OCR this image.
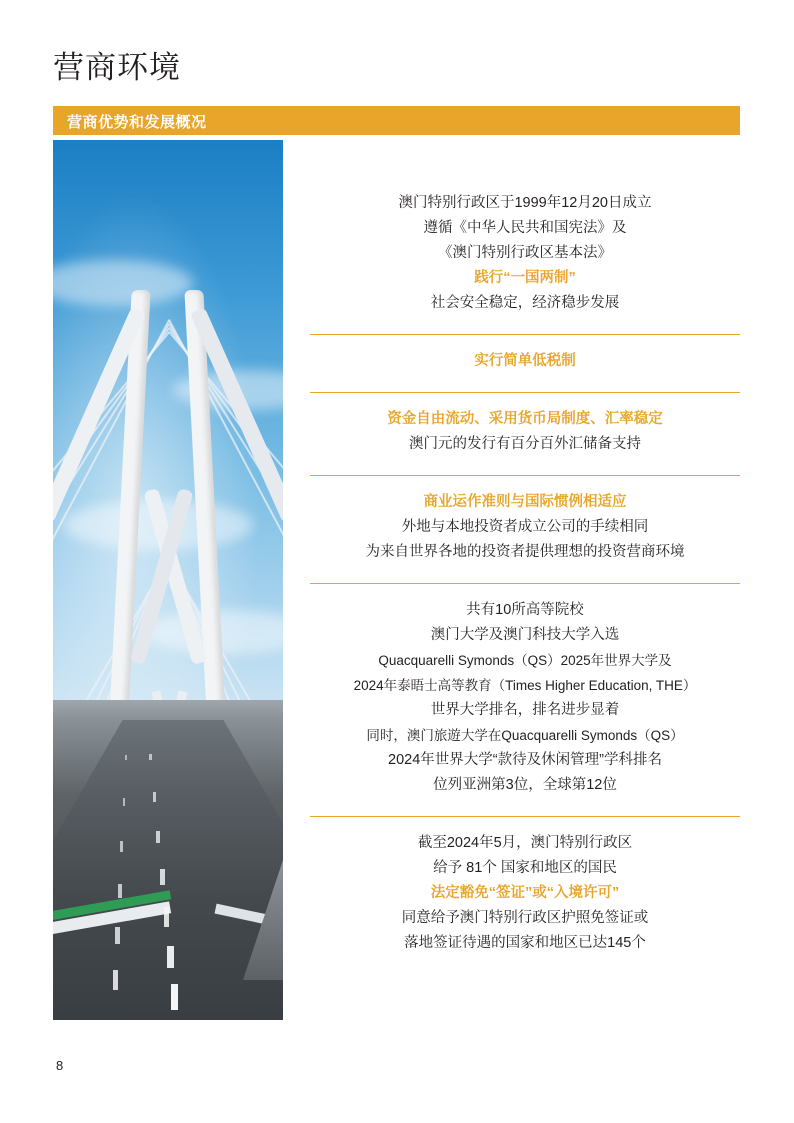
营商环境
营商优势和发展概况
澳门特别行政区于1999年12月20日成立
遵循《中华人民共和国宪法》及
《澳门特别行政区基本法》
践行“一国两制”
社会安全稳定，经济稳步发展
实行简单低税制
资金自由流动、采用货币局制度、汇率稳定
澳门元的发行有百分百外汇储备支持
商业运作准则与国际惯例相适应
外地与本地投资者成立公司的手续相同
为来自世界各地的投资者提供理想的投资营商环境
共有10所高等院校
澳门大学及澳门科技大学入选
Quacquarelli Symonds（QS）2025年世界大学及
2024年泰晤士高等教育（Times Higher Education, THE）
世界大学排名，排名进步显着
同时，澳门旅遊大学在Quacquarelli Symonds（QS）
2024年世界大学“款待及休闲管理”学科排名
位列亚洲第3位，全球第12位
截至2024年5月，澳门特别行政区
给予 81个 国家和地区的国民
法定豁免“签证”或“入境许可”
同意给予澳门特别行政区护照免签证或
落地签证待遇的国家和地区已达145个
8
